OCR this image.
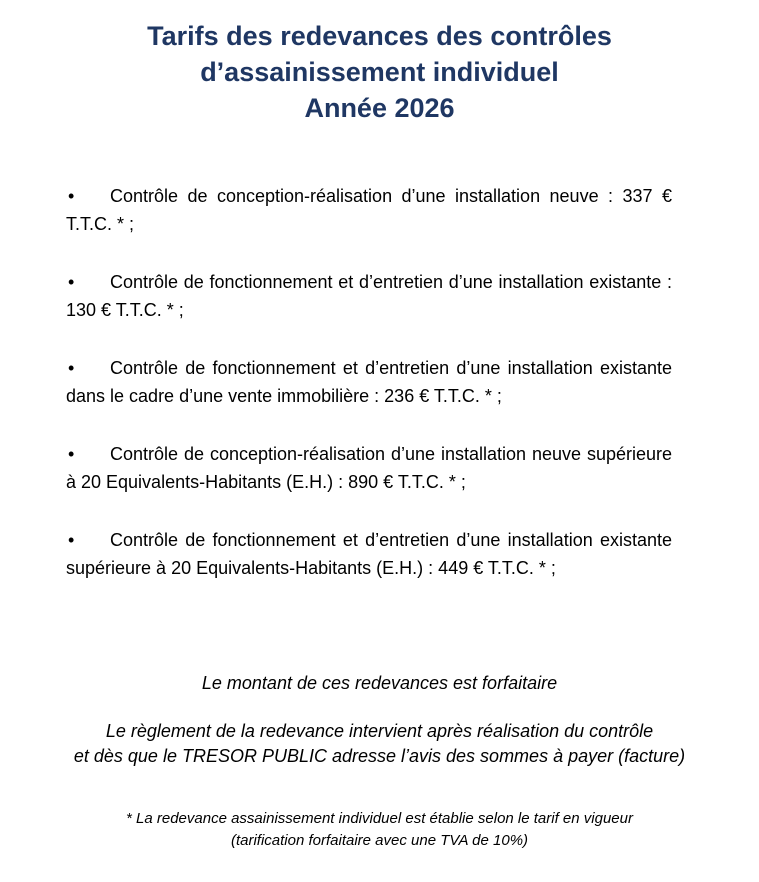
Tarifs des redevances des contrôles
d’assainissement individuel
Année 2026
• Contrôle de conception-réalisation d’une installation neuve : 337 € T.T.C. * ;
• Contrôle de fonctionnement et d’entretien d’une installation existante : 130 € T.T.C. * ;
• Contrôle de fonctionnement et d’entretien d’une installation existante dans le cadre d’une vente immobilière : 236 € T.T.C. * ;
• Contrôle de conception-réalisation d’une installation neuve supérieure à 20 Equivalents-Habitants (E.H.) : 890 € T.T.C. * ;
• Contrôle de fonctionnement et d’entretien d’une installation existante supérieure à 20 Equivalents-Habitants (E.H.) : 449 € T.T.C. * ;
Le montant de ces redevances est forfaitaire
Le règlement de la redevance intervient après réalisation du contrôle
et dès que le TRESOR PUBLIC adresse l’avis des sommes à payer (facture)
* La redevance assainissement individuel est établie selon le tarif en vigueur
(tarification forfaitaire avec une TVA de 10%)
